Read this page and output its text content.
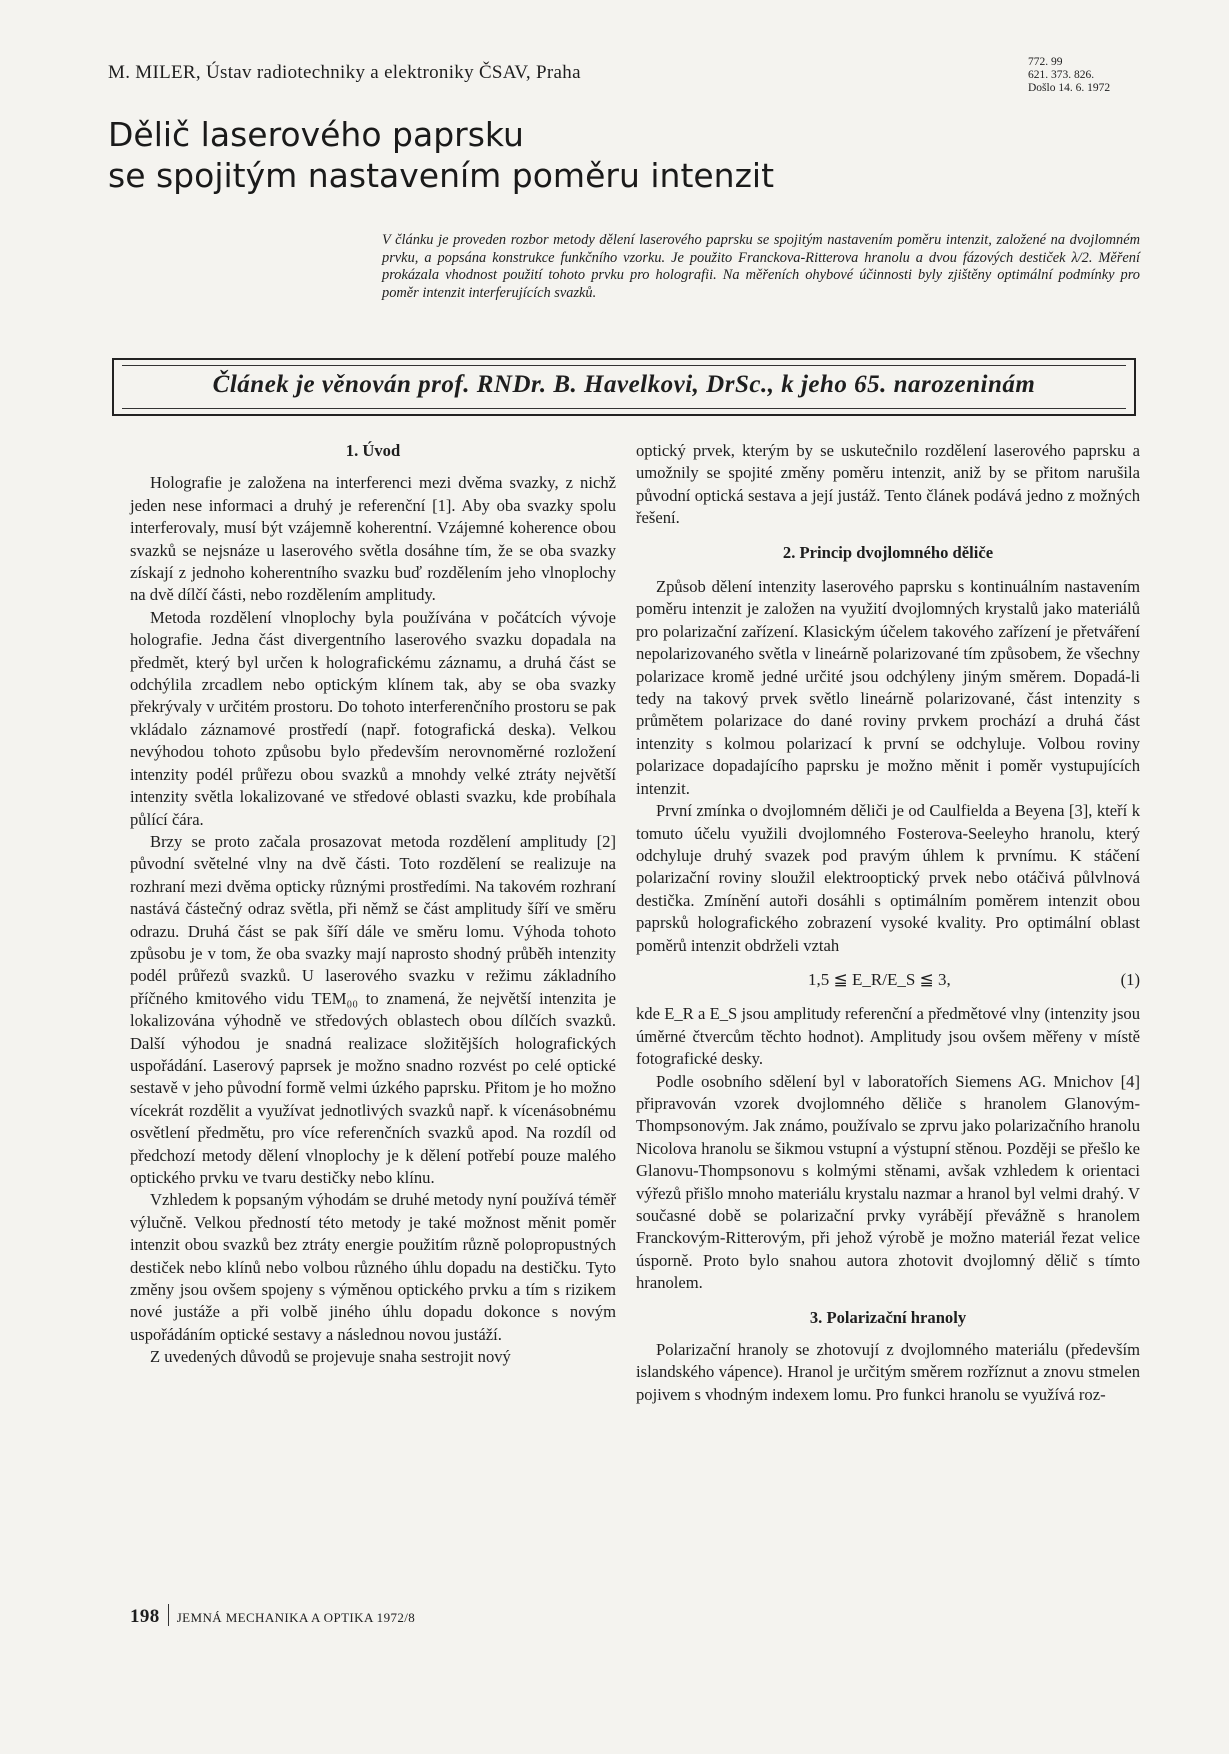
M. MILER, Ústav radiotechniky a elektroniky ČSAV, Praha	772. 99
621. 373. 826.
Došlo 14. 6. 1972
Dělič laserového paprsku
se spojitým nastavením poměru intenzit
V článku je proveden rozbor metody dělení laserového paprsku se spojitým nastavením poměru intenzit, založené na dvojlomném prvku, a popsána konstrukce funkčního vzorku. Je použito Franckova-Ritterova hranolu a dvou fázových destiček λ/2. Měření prokázala vhodnost použití tohoto prvku pro holografii. Na měřeních ohybové účinnosti byly zjištěny optimální podmínky pro poměr intenzit interferujících svazků.
Článek je věnován prof. RNDr. B. Havelkovi, DrSc., k jeho 65. narozeninám
1. Úvod

Holografie je založena na interferenci mezi dvěma svazky, z nichž jeden nese informaci a druhý je referenční [1]. Aby oba svazky spolu interferovaly, musí být vzájemně koherentní. Vzájemné koherence obou svazků se nejsnáze u laserového světla dosáhne tím, že se oba svazky získají z jednoho koherentního svazku buď rozdělením jeho vlnoplochy na dvě dílčí části, nebo rozdělením amplitudy.

Metoda rozdělení vlnoplochy byla používána v počátcích vývoje holografie. Jedna část divergentního laserového svazku dopadala na předmět, který byl určen k holografickému záznamu, a druhá část se odchýlila zrcadlem nebo optickým klínem tak, aby se oba svazky překrývaly v určitém prostoru. Do tohoto interferenčního prostoru se pak vkládalo záznamové prostředí (např. fotografická deska). Velkou nevýhodou tohoto způsobu bylo především nerovnoměrné rozložení intenzity podél průřezu obou svazků a mnohdy velké ztráty největší intenzity světla lokalizované ve středové oblasti svazku, kde probíhala půlící čára.

Brzy se proto začala prosazovat metoda rozdělení amplitudy [2] původní světelné vlny na dvě části. Toto rozdělení se realizuje na rozhraní mezi dvěma opticky různými prostředími. Na takovém rozhraní nastává částečný odraz světla, při němž se část amplitudy šíří ve směru odrazu. Druhá část se pak šíří dále ve směru lomu. Výhoda tohoto způsobu je v tom, že oba svazky mají naprosto shodný průběh intenzity podél průřezů svazků. U laserového svazku v režimu základního příčného kmitového vidu TEM₀₀ to znamená, že největší intenzita je lokalizována výhodně ve středových oblastech obou dílčích svazků. Další výhodou je snadná realizace složitějších holografických uspořádání. Laserový paprsek je možno snadno rozvést po celé optické sestavě v jeho původní formě velmi úzkého paprsku. Přitom je ho možno vícekrát rozdělit a využívat jednotlivých svazků např. k vícenásobnému osvětlení předmětu, pro více referenčních svazků apod. Na rozdíl od předchozí metody dělení vlnoplochy je k dělení potřebí pouze malého optického prvku ve tvaru destičky nebo klínu.

Vzhledem k popsaným výhodám se druhé metody nyní používá téměř výlučně. Velkou předností této metody je také možnost měnit poměr intenzit obou svazků bez ztráty energie použitím různě polopropustných destiček nebo klínů nebo volbou různého úhlu dopadu na destičku. Tyto změny jsou ovšem spojeny s výměnou optického prvku a tím s rizikem nové justáže a při volbě jiného úhlu dopadu dokonce s novým uspořádáním optické sestavy a následnou novou justáží.

Z uvedených důvodů se projevuje snaha sestrojit nový

optický prvek, kterým by se uskutečnilo rozdělení laserového paprsku a umožnily se spojité změny poměru intenzit, aniž by se přitom narušila původní optická sestava a její justáž. Tento článek podává jedno z možných řešení.

2. Princip dvojlomného děliče

Způsob dělení intenzity laserového paprsku s kontinuálním nastavením poměru intenzit je založen na využití dvojlomných krystalů jako materiálů pro polarizační zařízení. Klasickým účelem takového zařízení je přetváření nepolarizovaného světla v lineárně polarizované tím způsobem, že všechny polarizace kromě jedné určité jsou odchýleny jiným směrem. Dopadá-li tedy na takový prvek světlo lineárně polarizované, část intenzity s průmětem polarizace do dané roviny prvkem prochází a druhá část intenzity s kolmou polarizací k první se odchyluje. Volbou roviny polarizace dopadajícího paprsku je možno měnit i poměr vystupujících intenzit.

První zmínka o dvojlomném děliči je od Caulfielda a Beyena [3], kteří k tomuto účelu využili dvojlomného Fosterova-Seeleyho hranolu, který odchyluje druhý svazek pod pravým úhlem k prvnímu. K stáčení polarizační roviny sloužil elektrooptický prvek nebo otáčivá půlvlnová destička. Zmínění autoři dosáhli s optimálním poměrem intenzit obou paprsků holografického zobrazení vysoké kvality. Pro optimální oblast poměrů intenzit obdrželi vztah

1,5 ≦ E_R/E_S ≦ 3,	(1)

kde E_R a E_S jsou amplitudy referenční a předmětové vlny (intenzity jsou úměrné čtvercům těchto hodnot). Amplitudy jsou ovšem měřeny v místě fotografické desky.

Podle osobního sdělení byl v laboratořích Siemens AG. Mnichov [4] připravován vzorek dvojlomného děliče s hranolem Glanovým-Thompsonovým. Jak známo, používalo se zprvu jako polarizačního hranolu Nicolova hranolu se šikmou vstupní a výstupní stěnou. Později se přešlo ke Glanovu-Thompsonovu s kolmými stěnami, avšak vzhledem k orientaci výřezů přišlo mnoho materiálu krystalu nazmar a hranol byl velmi drahý. V současné době se polarizační prvky vyrábějí převážně s hranolem Franckovým-Ritterovým, při jehož výrobě je možno materiál řezat velice úsporně. Proto bylo snahou autora zhotovit dvojlomný dělič s tímto hranolem.

3. Polarizační hranoly

Polarizační hranoly se zhotovují z dvojlomného materiálu (především islandského vápence). Hranol je určitým směrem rozříznut a znovu stmelen pojivem s vhodným indexem lomu. Pro funkci hranolu se využívá roz-

198 JEMNÁ MECHANIKA A OPTIKA 1972/8
